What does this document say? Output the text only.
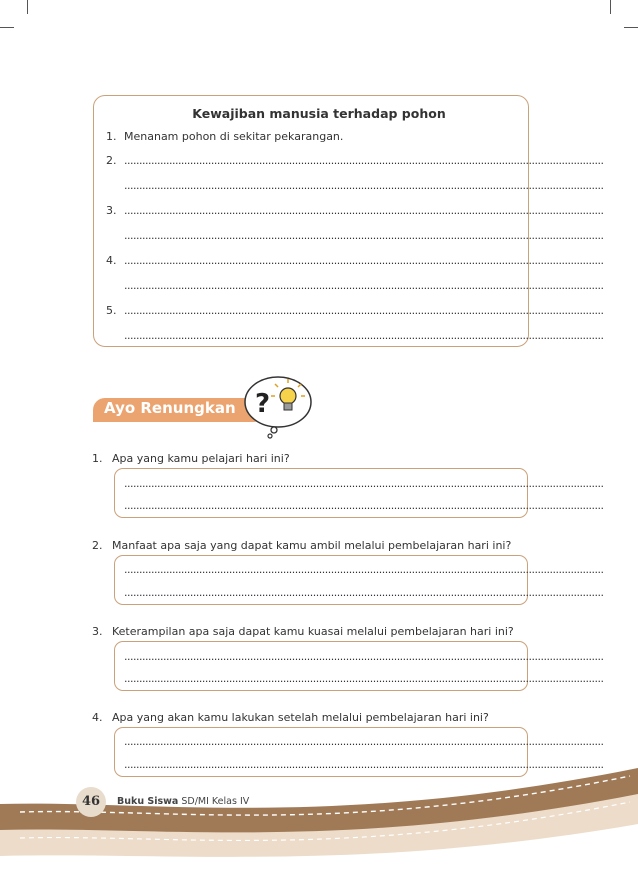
Kewajiban manusia terhadap pohon
1. Menanam pohon di sekitar pekarangan.
2. ................................................................................................................................................................
................................................................................................................................................................
3. ................................................................................................................................................................
................................................................................................................................................................
4. ................................................................................................................................................................
................................................................................................................................................................
5. ................................................................................................................................................................
................................................................................................................................................................
Ayo Renungkan ?
1. Apa yang kamu pelajari hari ini?
................................................................................................................................................................
................................................................................................................................................................
2. Manfaat apa saja yang dapat kamu ambil melalui pembelajaran hari ini?
................................................................................................................................................................
................................................................................................................................................................
3. Keterampilan apa saja dapat kamu kuasai melalui pembelajaran hari ini?
................................................................................................................................................................
................................................................................................................................................................
4. Apa yang akan kamu lakukan setelah melalui pembelajaran hari ini?
................................................................................................................................................................
................................................................................................................................................................
46	Buku Siswa SD/MI Kelas IV
